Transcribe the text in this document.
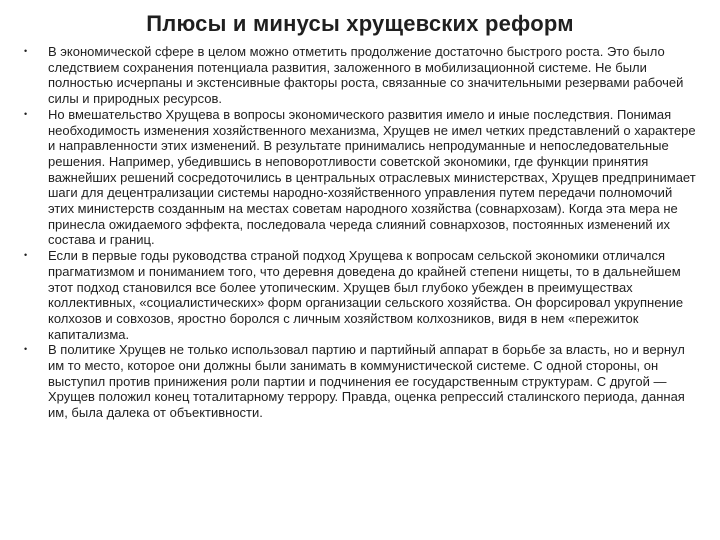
Плюсы и минусы хрущевских реформ
• В экономической сфере в целом можно отметить продолжение достаточно быстрого роста. Это было следствием сохранения потенциала развития, заложенного в мобилизационной системе. Не были полностью исчерпаны и экстенсивные факторы роста, связанные со значительными резервами рабочей силы и природных ресурсов.
• Но вмешательство Хрущева в вопросы экономического развития имело и иные последствия. Понимая необходимость изменения хозяйственного механизма, Хрущев не имел четких представлений о характере и направленности этих изменений. В результате принимались непродуманные и непоследовательные решения. Например, убедившись в неповоротливости советской экономики, где функции принятия важнейших решений сосредоточились в центральных отраслевых министерствах, Хрущев предпринимает шаги для децентрализации системы народно-хозяйственного управления путем передачи полномочий этих министерств созданным на местах советам народного хозяйства (совнархозам). Когда эта мера не принесла ожидаемого эффекта, последовала череда слияний совнархозов, постоянных изменений их состава и границ.
• Если в первые годы руководства страной подход Хрущева к вопросам сельской экономики отличался прагматизмом и пониманием того, что деревня доведена до крайней степени нищеты, то в дальнейшем этот подход становился все более утопическим. Хрущев был глубоко убежден в преимуществах коллективных, «социалистических» форм организации сельского хозяйства. Он форсировал укрупнение колхозов и совхозов, яростно боролся с личным хозяйством колхозников, видя в нем «пережиток капитализма.
• В политике Хрущев не только использовал партию и партийный аппарат в борьбе за власть, но и вернул им то место, которое они должны были занимать в коммунистической системе. С одной стороны, он выступил против принижения роли партии и подчинения ее государственным структурам. С другой — Хрущев положил конец тоталитарному террору. Правда, оценка репрессий сталинского периода, данная им, была далека от объективности.
